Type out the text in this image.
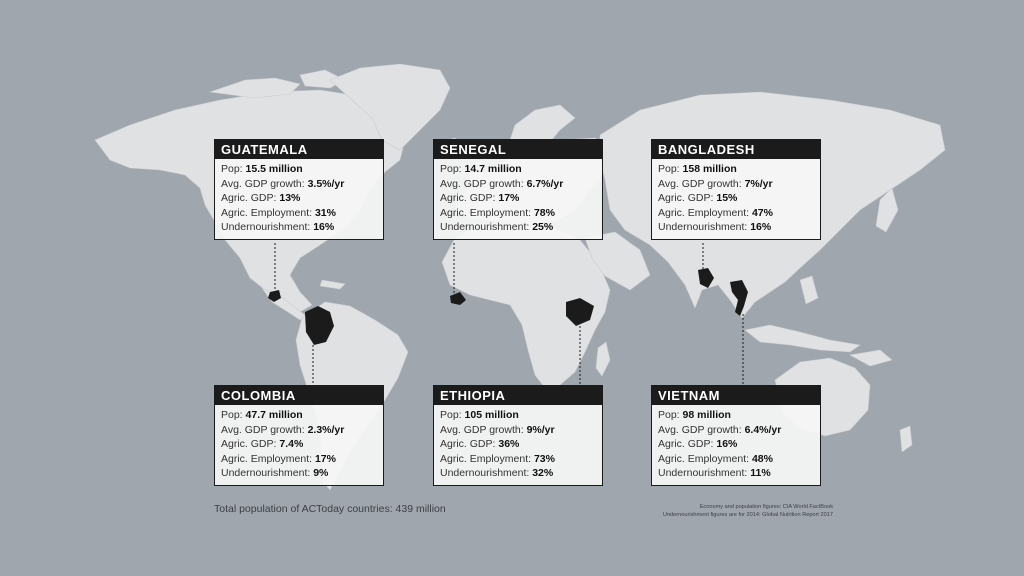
GUATEMALA
Pop: 15.5 million
Avg. GDP growth: 3.5%/yr
Agric. GDP: 13%
Agric. Employment: 31%
Undernourishment: 16%
SENEGAL
Pop: 14.7 million
Avg. GDP growth: 6.7%/yr
Agric. GDP: 17%
Agric. Employment: 78%
Undernourishment: 25%
BANGLADESH
Pop: 158 million
Avg. GDP growth: 7%/yr
Agric. GDP: 15%
Agric. Employment: 47%
Undernourishment: 16%
COLOMBIA
Pop: 47.7 million
Avg. GDP growth: 2.3%/yr
Agric. GDP: 7.4%
Agric. Employment: 17%
Undernourishment: 9%
ETHIOPIA
Pop: 105 million
Avg. GDP growth: 9%/yr
Agric. GDP: 36%
Agric. Employment: 73%
Undernourishment: 32%
VIETNAM
Pop: 98 million
Avg. GDP growth: 6.4%/yr
Agric. GDP: 16%
Agric. Employment: 48%
Undernourishment: 11%
Total population of ACToday countries: 439 million	Economy and population figures: CIA World FactBook
Undernourishment figures are for 2014: Global Nutrition Report 2017
